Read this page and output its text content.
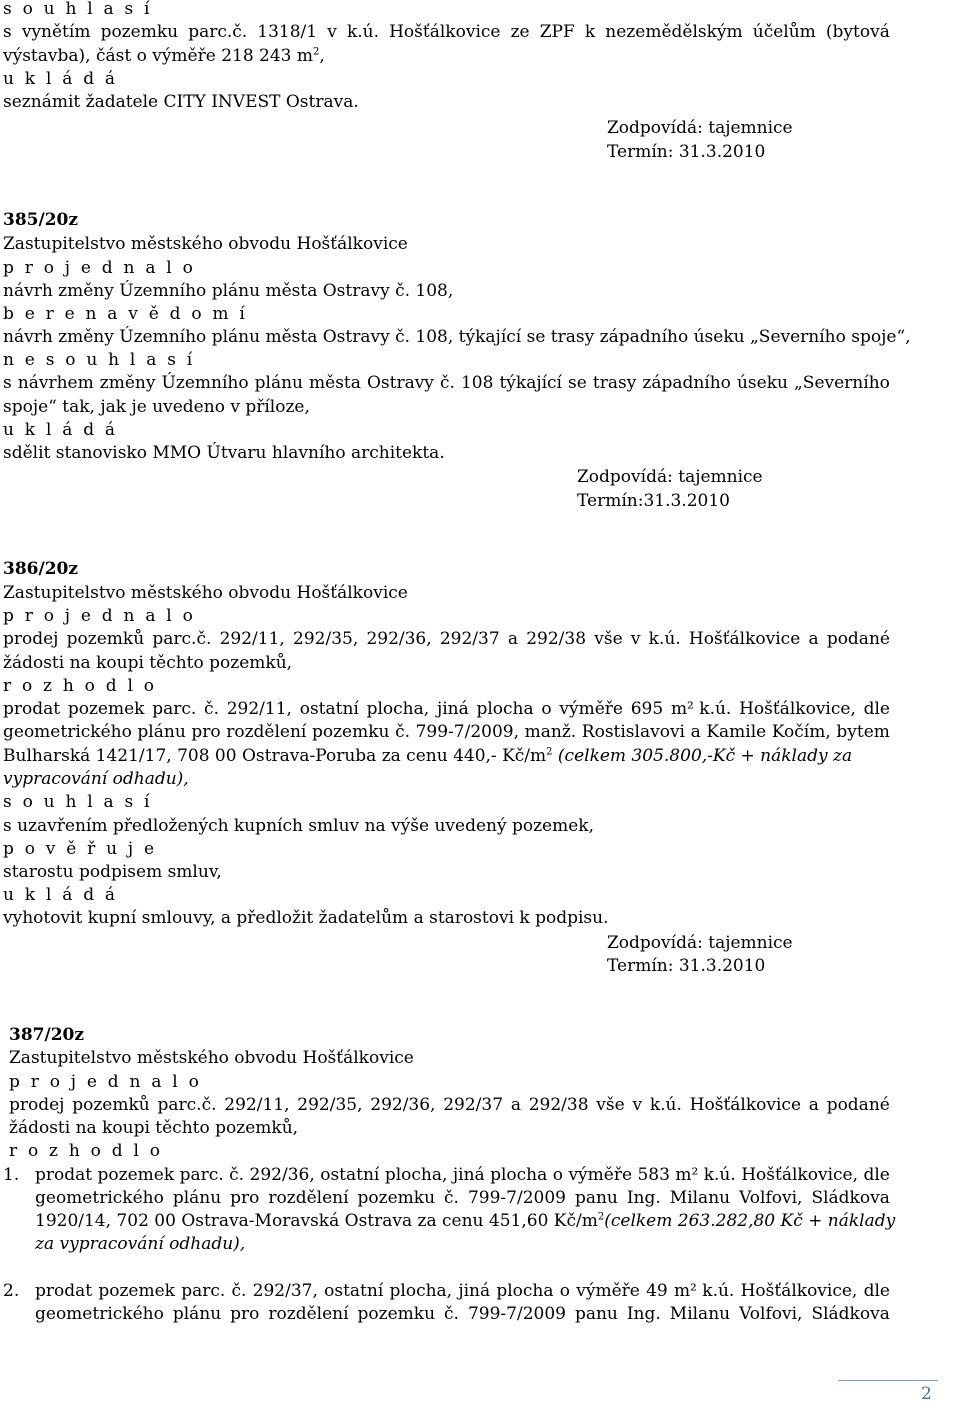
s o u h l a s í
s vynětím pozemku parc.č. 1318/1 v k.ú. Hošťálkovice ze ZPF k nezemědělským účelům (bytová
výstavba), část o výměře 218 243 $m^2$,
u k l á d á
seznámit žadatele CITY INVEST Ostrava.
Zodpovídá: tajemnice
Termín: 31.3.2010
385/20z
Zastupitelstvo městského obvodu Hošťálkovice
p r o j e d n a l o
návrh změny Územního plánu města Ostravy č. 108,
b e r e n a v ě d o m í
návrh změny Územního plánu města Ostravy č. 108, týkající se trasy západního úseku „Severního spoje“,
n e s o u h l a s í
s návrhem změny Územního plánu města Ostravy č. 108 týkající se trasy západního úseku „Severního
spoje“ tak, jak je uvedeno v příloze,
u k l á d á
sdělit stanovisko MMO Útvaru hlavního architekta.
Zodpovídá: tajemnice
Termín:31.3.2010
386/20z
Zastupitelstvo městského obvodu Hošťálkovice
p r o j e d n a l o
prodej pozemků parc.č. 292/11, 292/35, 292/36, 292/37 a 292/38 vše v k.ú. Hošťálkovice a podané
žádosti na koupi těchto pozemků,
r o z h o d l o
prodat pozemek parc. č. 292/11, ostatní plocha, jiná plocha o výměře 695 m² k.ú. Hošťálkovice, dle
geometrického plánu pro rozdělení pozemku č. 799-7/2009, manž. Rostislavovi a Kamile Kočím, bytem
Bulharská 1421/17, 708 00 Ostrava-Poruba za cenu 440,- $Kč/m^2$ (celkem 305.800,-Kč + náklady za
vypracování odhadu),
s o u h l a s í
s uzavřením předložených kupních smluv na výše uvedený pozemek,
p o v ě ř u j e
starostu podpisem smluv,
u k l á d á
vyhotovit kupní smlouvy, a předložit žadatelům a starostovi k podpisu.
Zodpovídá: tajemnice
Termín: 31.3.2010
387/20z
Zastupitelstvo městského obvodu Hošťálkovice
p r o j e d n a l o
prodej pozemků parc.č. 292/11, 292/35, 292/36, 292/37 a 292/38 vše v k.ú. Hošťálkovice a podané
žádosti na koupi těchto pozemků,
r o z h o d l o
1. prodat pozemek parc. č. 292/36, ostatní plocha, jiná plocha o výměře 583 m² k.ú. Hošťálkovice, dle
geometrického plánu pro rozdělení pozemku č. 799-7/2009 panu Ing. Milanu Volfovi, Sládkova
1920/14, 702 00 Ostrava-Moravská Ostrava za cenu 451,60 $Kč/m^2(celkem$ 263.282,80 Kč + náklady
za vypracování odhadu),
2. prodat pozemek parc. č. 292/37, ostatní plocha, jiná plocha o výměře 49 m² k.ú. Hošťálkovice, dle
geometrického plánu pro rozdělení pozemku č. 799-7/2009 panu Ing. Milanu Volfovi, Sládkova
2
